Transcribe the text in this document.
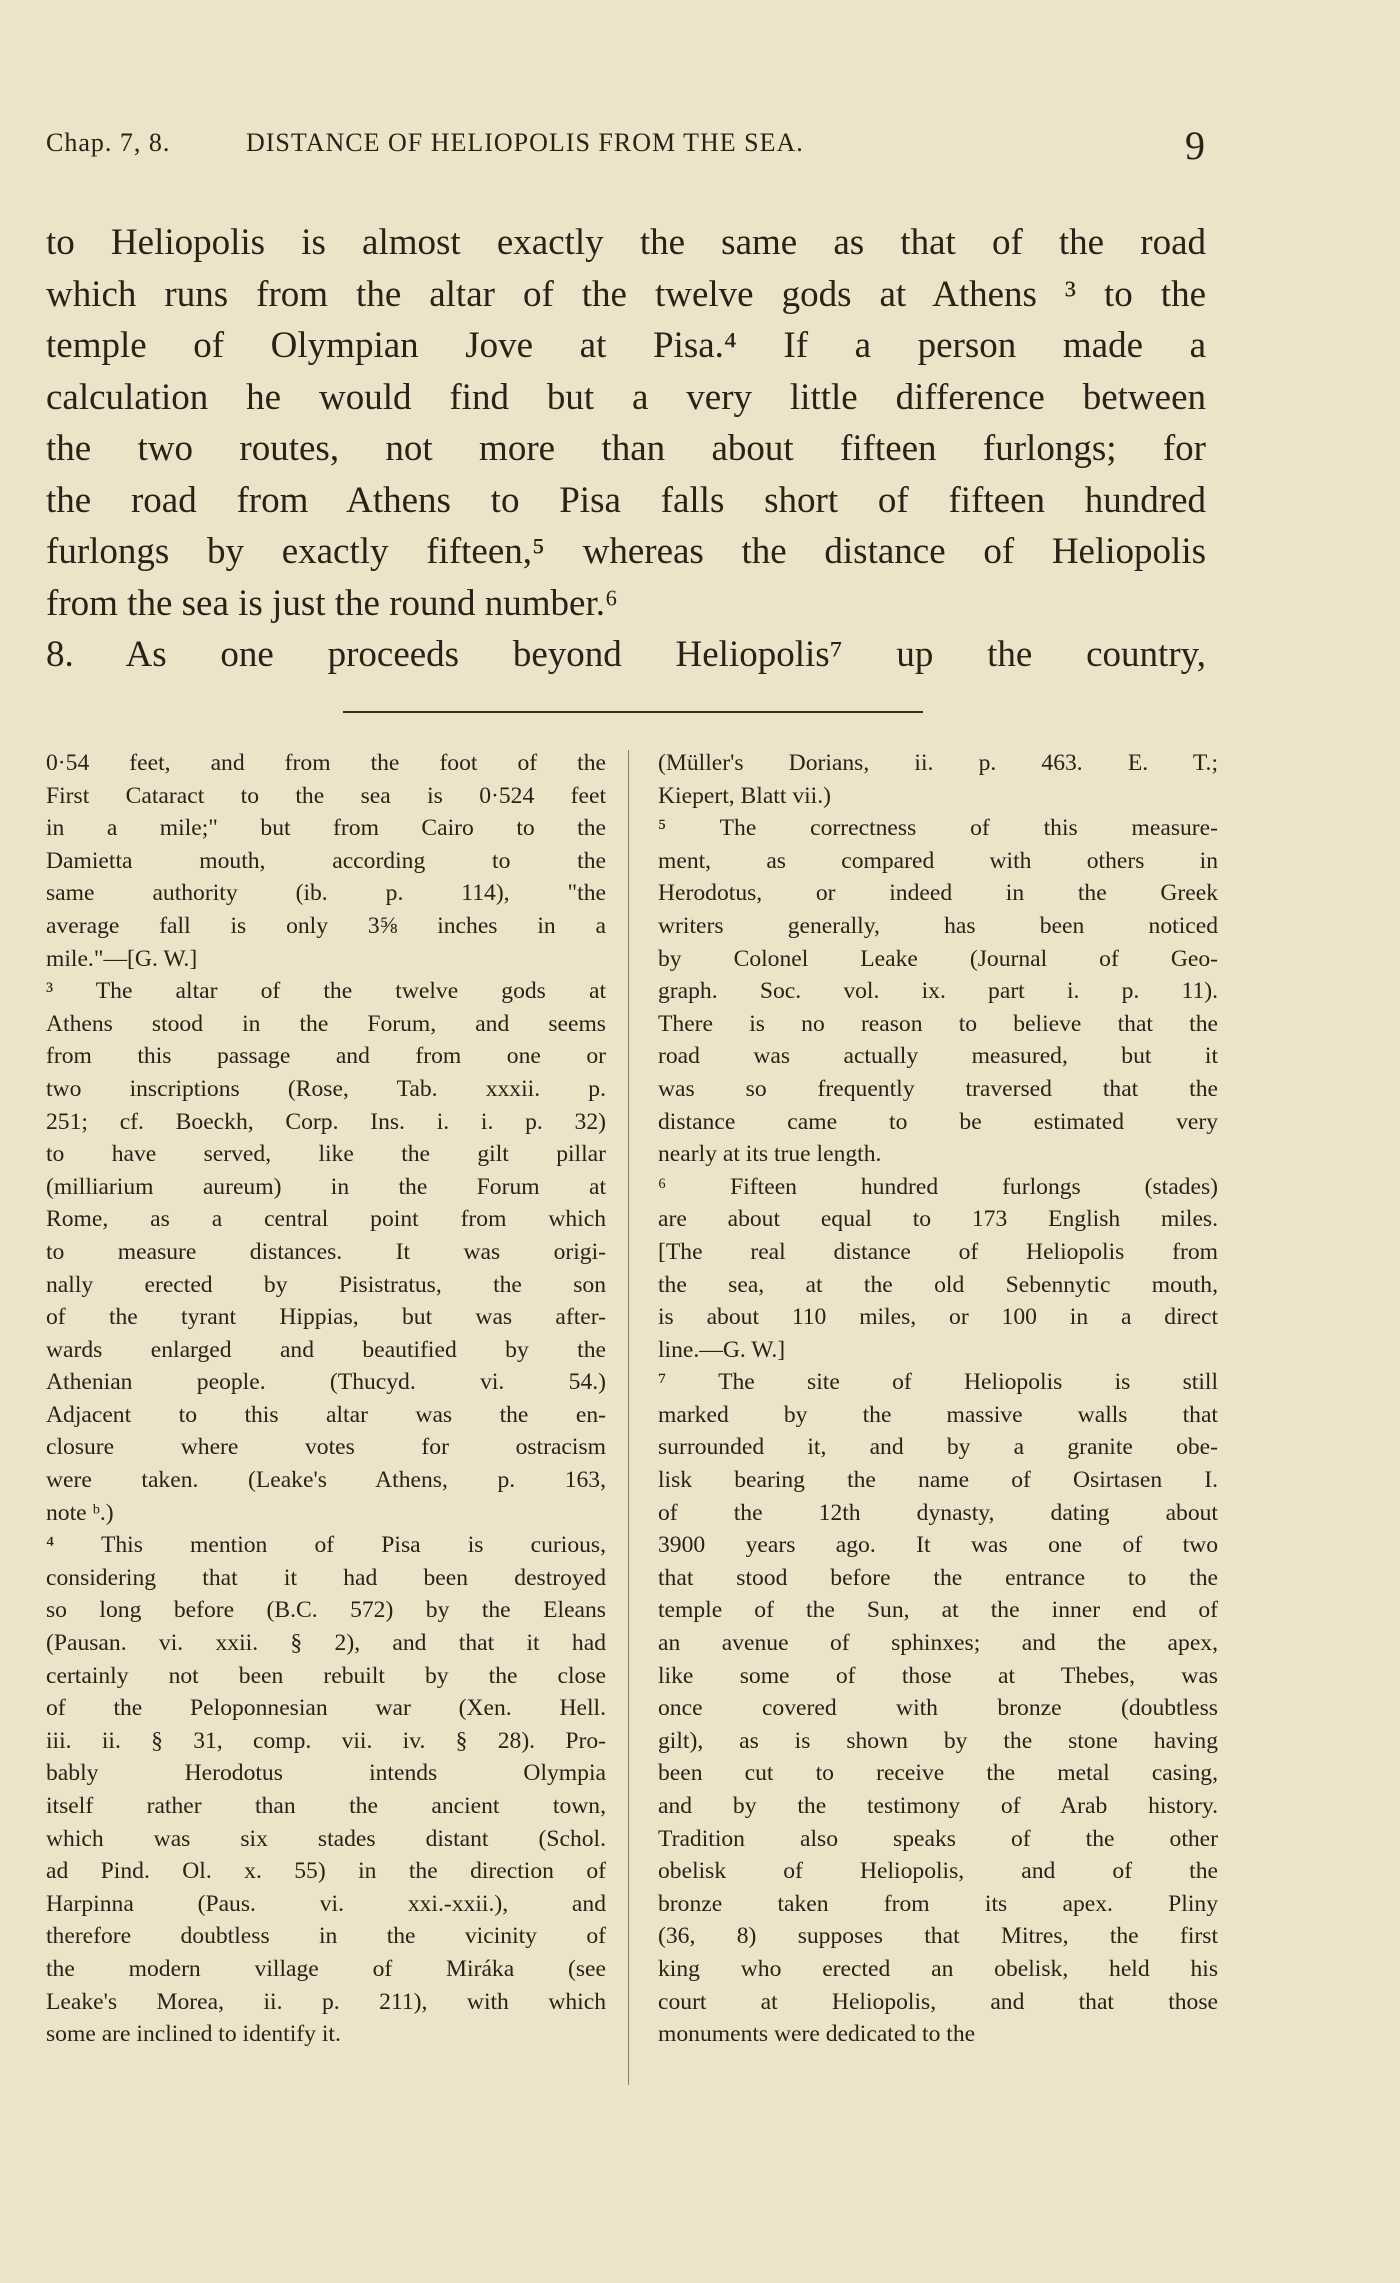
Chap. 7, 8.	DISTANCE OF HELIOPOLIS FROM THE SEA.	9
to Heliopolis is almost exactly the same as that of the road
which runs from the altar of the twelve gods at Athens ³ to the
temple of Olympian Jove at Pisa.⁴ If a person made a
calculation he would find but a very little difference between
the two routes, not more than about fifteen furlongs; for
the road from Athens to Pisa falls short of fifteen hundred
furlongs by exactly fifteen,⁵ whereas the distance of Heliopolis
from the sea is just the round number.⁶
8. As one proceeds beyond Heliopolis⁷ up the country,
0·54 feet, and from the foot of the
First Cataract to the sea is 0·524 feet
in a mile;" but from Cairo to the
Damietta mouth, according to the
same authority (ib. p. 114), "the
average fall is only 3⅝ inches in a
mile."—[G. W.]
³ The altar of the twelve gods at
Athens stood in the Forum, and seems
from this passage and from one or
two inscriptions (Rose, Tab. xxxii. p.
251; cf. Boeckh, Corp. Ins. i. i. p. 32)
to have served, like the gilt pillar
(milliarium aureum) in the Forum at
Rome, as a central point from which
to measure distances. It was origi-
nally erected by Pisistratus, the son
of the tyrant Hippias, but was after-
wards enlarged and beautified by the
Athenian people. (Thucyd. vi. 54.)
Adjacent to this altar was the en-
closure where votes for ostracism
were taken. (Leake's Athens, p. 163,
note ᵇ.)
⁴ This mention of Pisa is curious,
considering that it had been destroyed
so long before (B.C. 572) by the Eleans
(Pausan. vi. xxii. § 2), and that it had
certainly not been rebuilt by the close
of the Peloponnesian war (Xen. Hell.
iii. ii. § 31, comp. vii. iv. § 28). Pro-
bably Herodotus intends Olympia
itself rather than the ancient town,
which was six stades distant (Schol.
ad Pind. Ol. x. 55) in the direction of
Harpinna (Paus. vi. xxi.-xxii.), and
therefore doubtless in the vicinity of
the modern village of Miráka (see
Leake's Morea, ii. p. 211), with which
some are inclined to identify it.
(Müller's Dorians, ii. p. 463. E. T.;
Kiepert, Blatt vii.)
⁵ The correctness of this measure-
ment, as compared with others in
Herodotus, or indeed in the Greek
writers generally, has been noticed
by Colonel Leake (Journal of Geo-
graph. Soc. vol. ix. part i. p. 11).
There is no reason to believe that the
road was actually measured, but it
was so frequently traversed that the
distance came to be estimated very
nearly at its true length.
⁶ Fifteen hundred furlongs (stades)
are about equal to 173 English miles.
[The real distance of Heliopolis from
the sea, at the old Sebennytic mouth,
is about 110 miles, or 100 in a direct
line.—G. W.]
⁷ The site of Heliopolis is still
marked by the massive walls that
surrounded it, and by a granite obe-
lisk bearing the name of Osirtasen I.
of the 12th dynasty, dating about
3900 years ago. It was one of two
that stood before the entrance to the
temple of the Sun, at the inner end of
an avenue of sphinxes; and the apex,
like some of those at Thebes, was
once covered with bronze (doubtless
gilt), as is shown by the stone having
been cut to receive the metal casing,
and by the testimony of Arab history.
Tradition also speaks of the other
obelisk of Heliopolis, and of the
bronze taken from its apex. Pliny
(36, 8) supposes that Mitres, the first
king who erected an obelisk, held his
court at Heliopolis, and that those
monuments were dedicated to the
